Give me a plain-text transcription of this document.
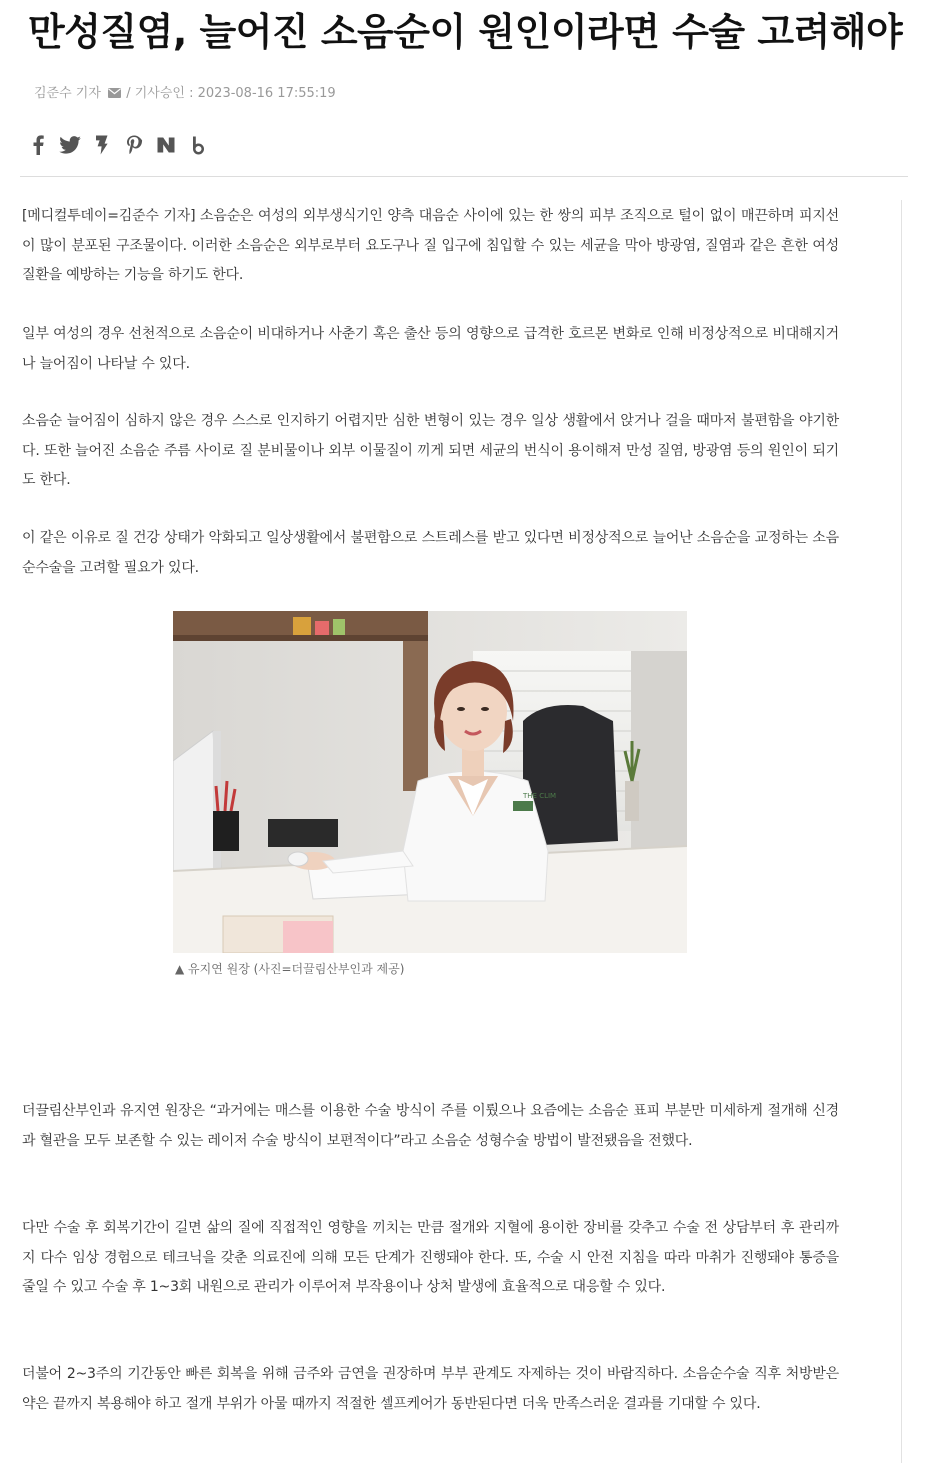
만성질염, 늘어진 소음순이 원인이라면 수술 고려해야
김준수 기자  / 기사승인 : 2023-08-16 17:55:19

[메디컬투데이=김준수 기자] 소음순은 여성의 외부생식기인 양측 대음순 사이에 있는 한 쌍의 피부 조직으로 털이 없이 매끈하며 피지선이 많이 분포된 구조물이다. 이러한 소음순은 외부로부터 요도구나 질 입구에 침입할 수 있는 세균을 막아 방광염, 질염과 같은 흔한 여성 질환을 예방하는 기능을 하기도 한다.

일부 여성의 경우 선천적으로 소음순이 비대하거나 사춘기 혹은 출산 등의 영향으로 급격한 호르몬 변화로 인해 비정상적으로 비대해지거나 늘어짐이 나타날 수 있다.

소음순 늘어짐이 심하지 않은 경우 스스로 인지하기 어렵지만 심한 변형이 있는 경우 일상 생활에서 앉거나 걸을 때마저 불편함을 야기한다. 또한 늘어진 소음순 주름 사이로 질 분비물이나 외부 이물질이 끼게 되면 세균의 번식이 용이해져 만성 질염, 방광염 등의 원인이 되기도 한다.

이 같은 이유로 질 건강 상태가 악화되고 일상생활에서 불편함으로 스트레스를 받고 있다면 비정상적으로 늘어난 소음순을 교정하는 소음순수술을 고려할 필요가 있다.

THE CLIM
▲ 유지연 원장 (사진=더끌림산부인과 제공)

더끌림산부인과 유지연 원장은 “과거에는 매스를 이용한 수술 방식이 주를 이뤘으나 요즘에는 소음순 표피 부분만 미세하게 절개해 신경과 혈관을 모두 보존할 수 있는 레이저 수술 방식이 보편적이다”라고 소음순 성형수술 방법이 발전됐음을 전했다.

다만 수술 후 회복기간이 길면 삶의 질에 직접적인 영향을 끼치는 만큼 절개와 지혈에 용이한 장비를 갖추고 수술 전 상담부터 후 관리까지 다수 임상 경험으로 테크닉을 갖춘 의료진에 의해 모든 단계가 진행돼야 한다. 또, 수술 시 안전 지침을 따라 마취가 진행돼야 통증을 줄일 수 있고 수술 후 1~3회 내원으로 관리가 이루어져 부작용이나 상처 발생에 효율적으로 대응할 수 있다.

더불어 2~3주의 기간동안 빠른 회복을 위해 금주와 금연을 권장하며 부부 관계도 자제하는 것이 바람직하다. 소음순수술 직후 처방받은 약은 끝까지 복용해야 하고 절개 부위가 아물 때까지 적절한 셀프케어가 동반된다면 더욱 만족스러운 결과를 기대할 수 있다.
